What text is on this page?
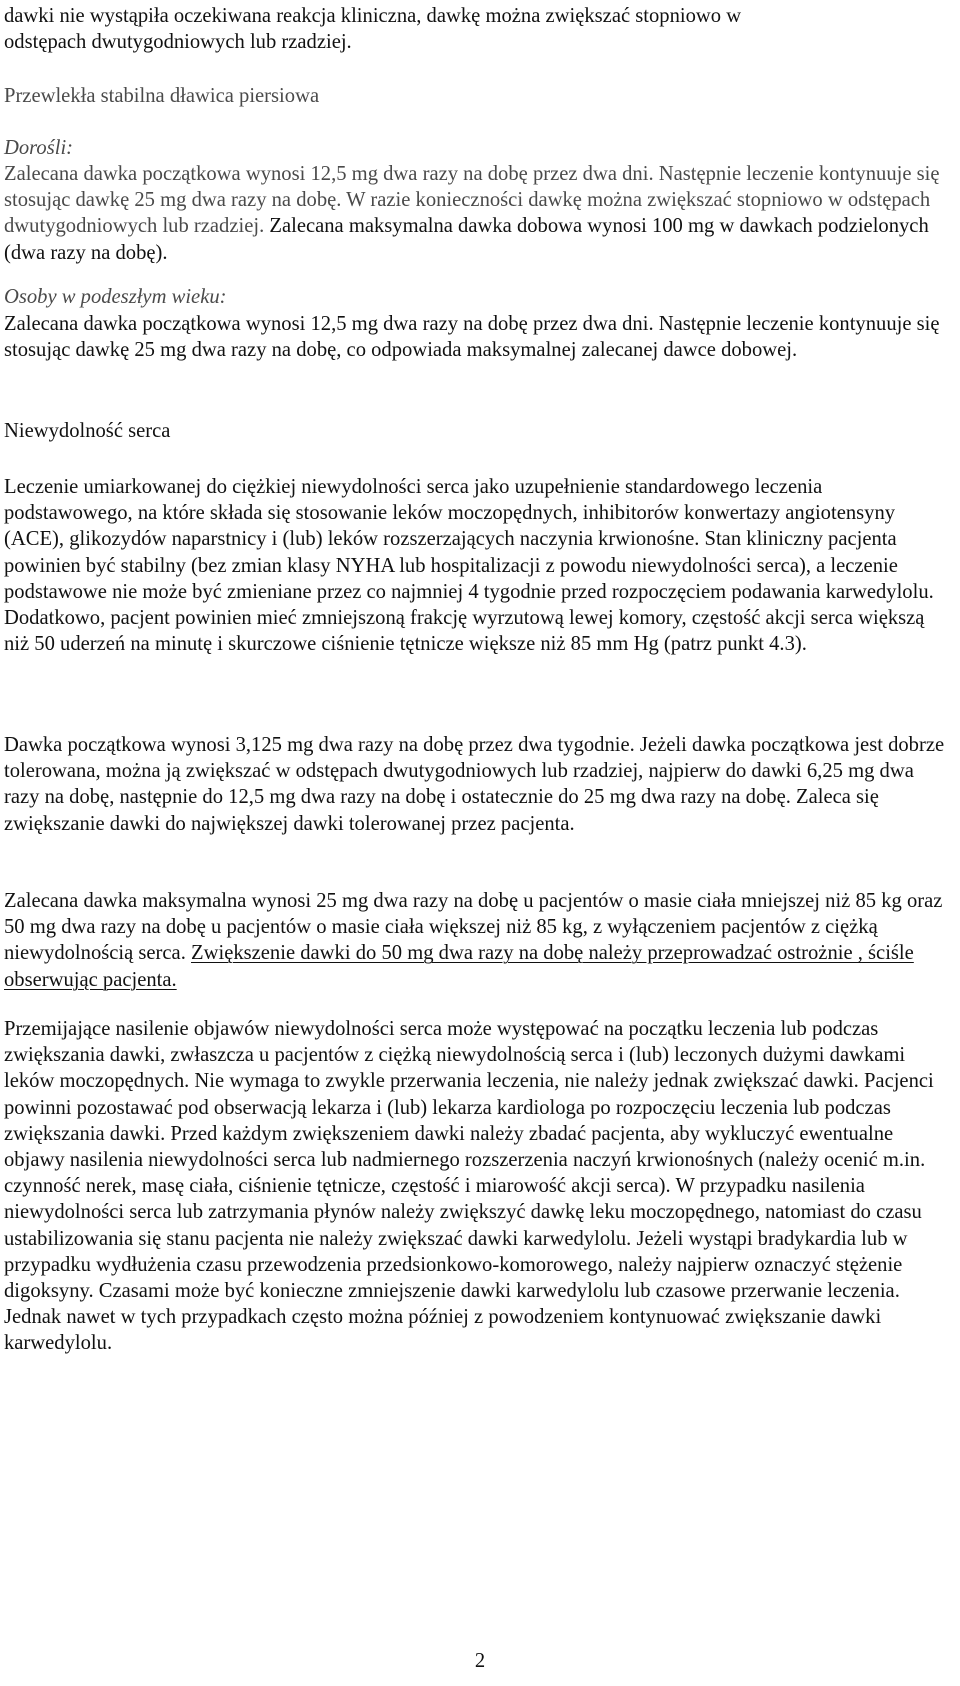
dawki nie wystąpiła oczekiwana reakcja kliniczna, dawkę można zwiększać stopniowo w
odstępach dwutygodniowych lub rzadziej.

Przewlekła stabilna dławica piersiowa
Dorośli:

Zalecana dawka początkowa wynosi 12,5 mg dwa razy na dobę przez dwa dni. Następnie leczenie kontynuuje się stosując dawkę 25 mg dwa razy na dobę. W razie konieczności dawkę można zwiększać stopniowo w odstępach dwutygodniowych lub rzadziej. Zalecana maksymalna dawka dobowa wynosi 100 mg w dawkach podzielonych (dwa razy na dobę).

Osoby w podeszłym wieku:

Zalecana dawka początkowa wynosi 12,5 mg dwa razy na dobę przez dwa dni. Następnie leczenie kontynuuje się stosując dawkę 25 mg dwa razy na dobę, co odpowiada maksymalnej zalecanej dawce dobowej.

Niewydolność serca

Leczenie umiarkowanej do ciężkiej niewydolności serca jako uzupełnienie standardowego leczenia podstawowego, na które składa się stosowanie leków moczopędnych, inhibitorów konwertazy angiotensyny (ACE), glikozydów naparstnicy i (lub) leków rozszerzających naczynia krwionośne. Stan kliniczny pacjenta powinien być stabilny (bez zmian klasy NYHA lub hospitalizacji z powodu niewydolności serca), a leczenie podstawowe nie może być zmieniane przez co najmniej 4 tygodnie przed rozpoczęciem podawania karwedylolu. Dodatkowo, pacjent powinien mieć zmniejszoną frakcję wyrzutową lewej komory, częstość akcji serca większą niż 50 uderzeń na minutę i skurczowe ciśnienie tętnicze większe niż 85 mm Hg (patrz punkt 4.3).

Dawka początkowa wynosi 3,125 mg dwa razy na dobę przez dwa tygodnie. Jeżeli dawka początkowa jest dobrze tolerowana, można ją zwiększać w odstępach dwutygodniowych lub rzadziej, najpierw do dawki 6,25 mg dwa razy na dobę, następnie do 12,5 mg dwa razy na dobę i ostatecznie do 25 mg dwa razy na dobę. Zaleca się zwiększanie dawki do największej dawki tolerowanej przez pacjenta.

Zalecana dawka maksymalna wynosi 25 mg dwa razy na dobę u pacjentów o masie ciała mniejszej niż 85 kg oraz 50 mg dwa razy na dobę u pacjentów o masie ciała większej niż 85 kg, z wyłączeniem pacjentów z ciężką niewydolnością serca. Zwiększenie dawki do 50 mg dwa razy na dobę należy przeprowadzać ostrożnie , ściśle obserwując pacjenta.

Przemijające nasilenie objawów niewydolności serca może występować na początku leczenia lub podczas zwiększania dawki, zwłaszcza u pacjentów z ciężką niewydolnością serca i (lub) leczonych dużymi dawkami leków moczopędnych. Nie wymaga to zwykle przerwania leczenia, nie należy jednak zwiększać dawki. Pacjenci powinni pozostawać pod obserwacją lekarza i (lub) lekarza kardiologa po rozpoczęciu leczenia lub podczas zwiększania dawki. Przed każdym zwiększeniem dawki należy zbadać pacjenta, aby wykluczyć ewentualne objawy nasilenia niewydolności serca lub nadmiernego rozszerzenia naczyń krwionośnych (należy ocenić m.in. czynność nerek, masę ciała, ciśnienie tętnicze, częstość i miarowość akcji serca). W przypadku nasilenia niewydolności serca lub zatrzymania płynów należy zwiększyć dawkę leku moczopędnego, natomiast do czasu ustabilizowania się stanu pacjenta nie należy zwiększać dawki karwedylolu. Jeżeli wystąpi bradykardia lub w przypadku wydłużenia czasu przewodzenia przedsionkowo-komorowego, należy najpierw oznaczyć stężenie digoksyny. Czasami może być konieczne zmniejszenie dawki karwedylolu lub czasowe przerwanie leczenia. Jednak nawet w tych przypadkach często można później z powodzeniem kontynuować zwiększanie dawki karwedylolu.

2
